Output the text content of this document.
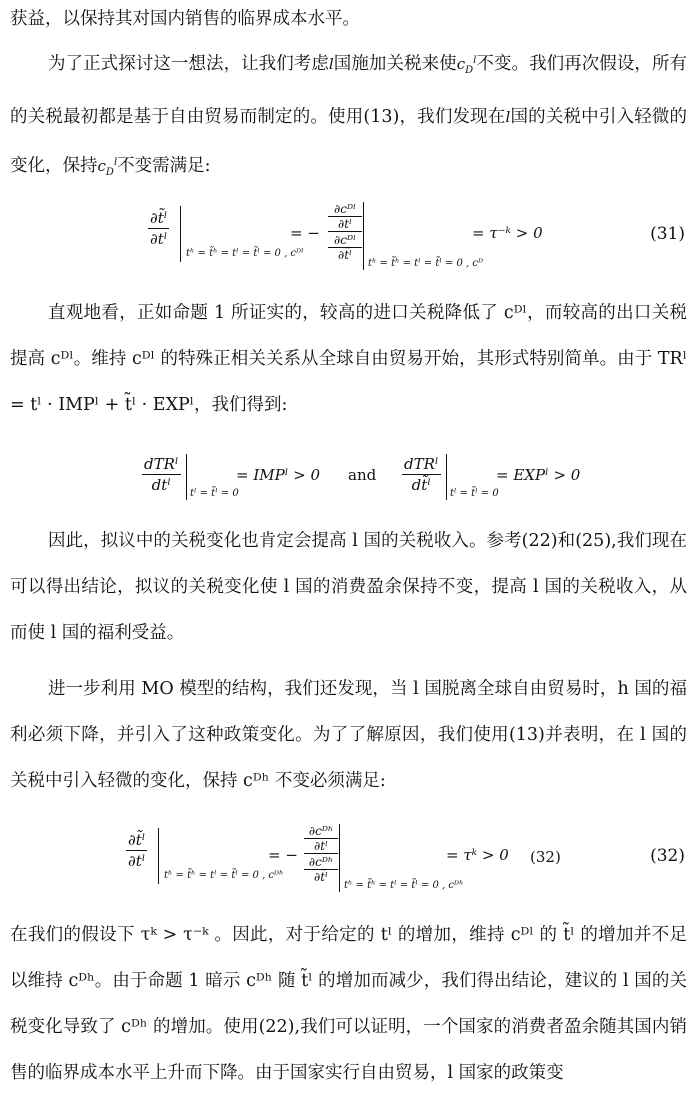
获益，以保持其对国内销售的临界成本水平。
为了正式探讨这一想法，让我们考虑l国施加关税来使$c_D^l$不变。我们再次假设，所有的关税最初都是基于自由贸易而制定的。使用(13)，我们发现在l国的关税中引入轻微的变化，保持$c_D^l$不变需满足:
$\frac{\text{∂t̃ˡ}}{\text{∂tˡ}}$
tʰ = t̃ʰ = tˡ = t̃ˡ = 0 , cᴰˡ
= −
∂cᴰˡ
∂tˡ
∂cᴰˡ
∂t̃ˡ
tʰ = t̃ʰ = tˡ = t̃ˡ = 0 , cᴰ
= τ⁻ᵏ > 0	(31)
直观地看，正如命题 1 所证实的，较高的进口关税降低了 cᴰˡ，而较高的出口关税提高 cᴰˡ。维持 cᴰˡ 的特殊正相关关系从全球自由贸易开始，其形式特别简单。由于 TRˡ = tˡ · IMPˡ + t̃ˡ · EXPˡ，我们得到:
$\frac{\text{dTRˡ}}{\text{dtˡ}}$ tˡ = t̃ˡ = 0
= IMPˡ > 0 and $\frac{\text{dTRˡ}}{\text{dt̃ˡ}}$ tˡ = t̃ˡ = 0
= EXPˡ > 0
因此，拟议中的关税变化也肯定会提高 l 国的关税收入。参考(22)和(25),我们现在可以得出结论，拟议的关税变化使 l 国的消费盈余保持不变，提高 l 国的关税收入，从而使 l 国的福利受益。
进一步利用 MO 模型的结构，我们还发现，当 l 国脱离全球自由贸易时，h 国的福利必须下降，并引入了这种政策变化。为了了解原因，我们使用(13)并表明，在 l 国的关税中引入轻微的变化，保持 cᴰʰ 不变必须满足:
$\frac{\text{∂t̃ˡ}}{\text{∂tˡ}}$
tʰ = t̃ʰ = tˡ = t̃ˡ = 0 , cᴰʰ
= −
∂cᴰʰ
∂tˡ
∂cᴰʰ
∂t̃ˡ
tʰ = t̃ʰ = tˡ = t̃ˡ = 0 , cᴰʰ
= τᵏ > 0 (32)	(32)
在我们的假设下 τᵏ > τ⁻ᵏ 。因此，对于给定的 tˡ 的增加，维持 cᴰˡ 的 t̃ˡ 的增加并不足以维持 cᴰʰ。由于命题 1 暗示 cᴰʰ 随 t̃ˡ 的增加而减少，我们得出结论，建议的 l 国的关税变化导致了 cᴰʰ 的增加。使用(22),我们可以证明，一个国家的消费者盈余随其国内销售的临界成本水平上升而下降。由于国家实行自由贸易，l 国家的政策变
